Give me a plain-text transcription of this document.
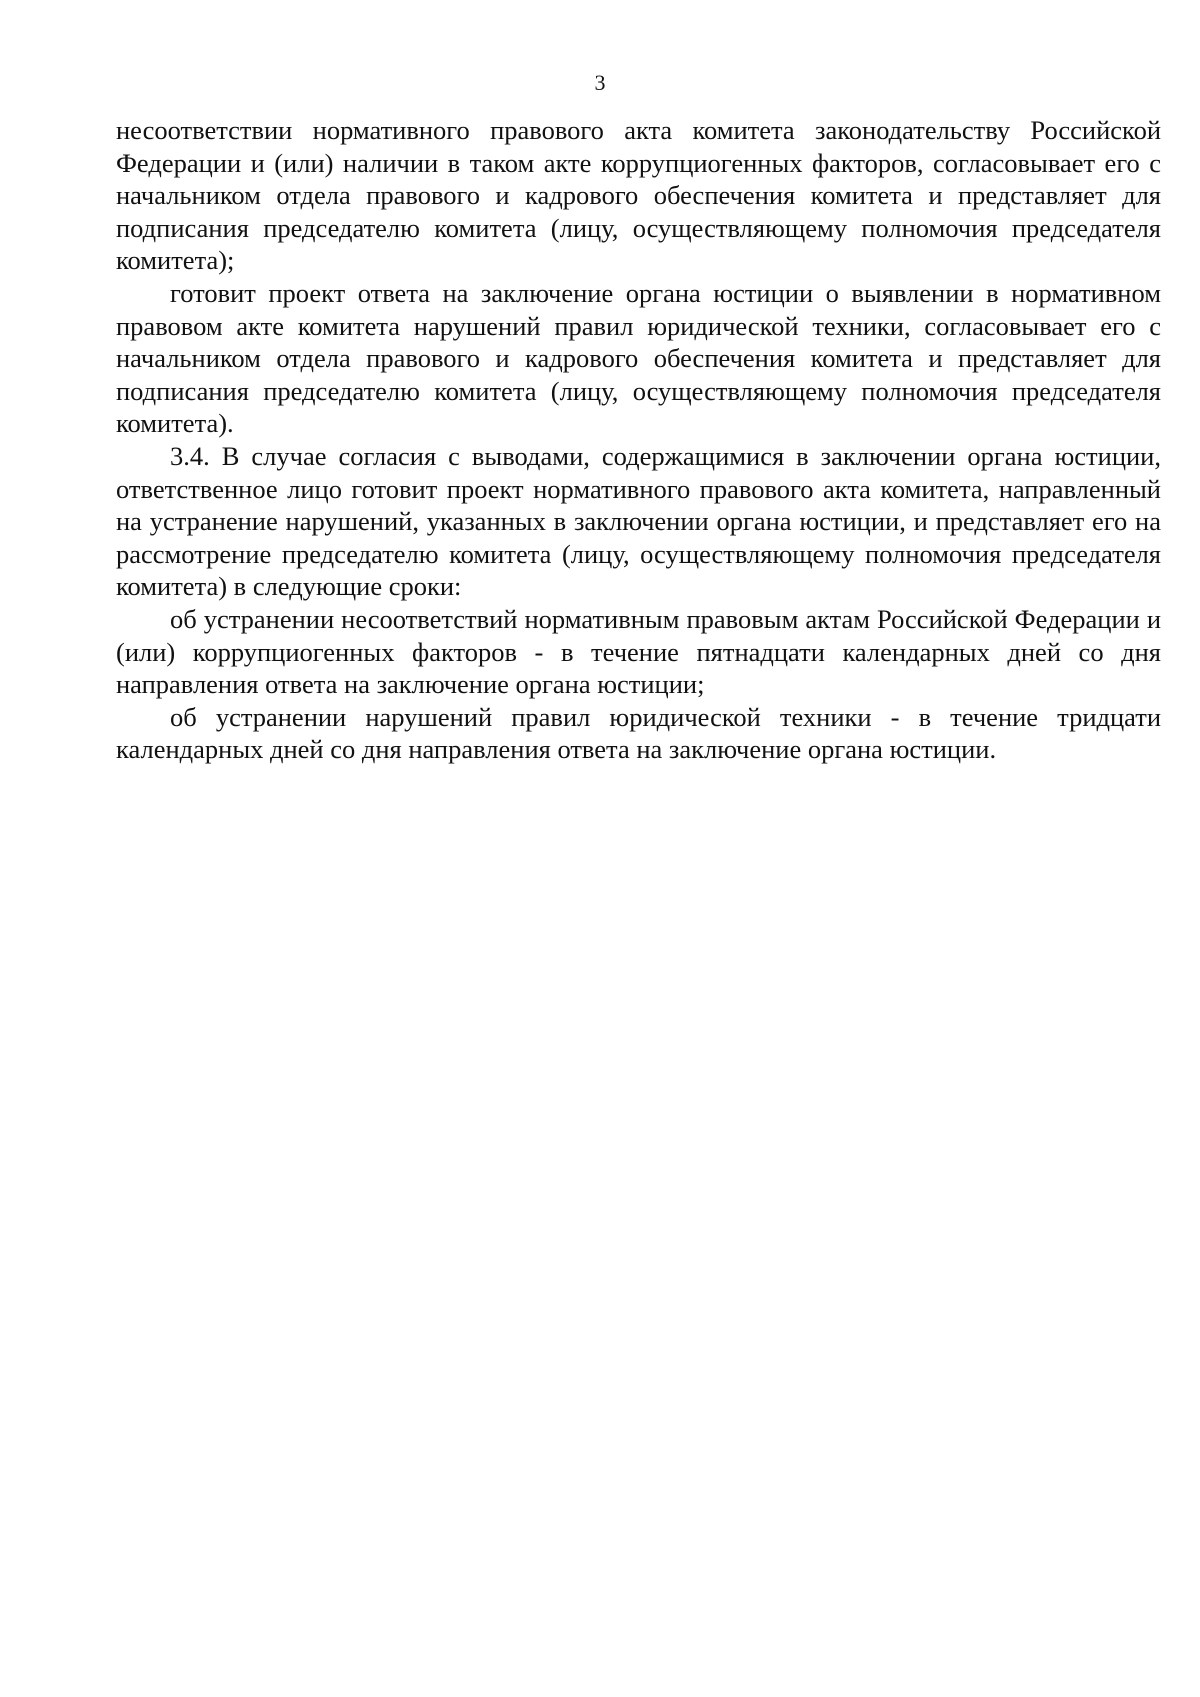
3

несоответствии нормативного правового акта комитета законодательству Российской Федерации и (или) наличии в таком акте коррупциогенных факторов, согласовывает его с начальником отдела правового и кадрового обеспечения комитета и представляет для подписания председателю комитета (лицу, осуществляющему полномочия председателя комитета);

готовит проект ответа на заключение органа юстиции о выявлении в нормативном правовом акте комитета нарушений правил юридической техники, согласовывает его с начальником отдела правового и кадрового обеспечения комитета и представляет для подписания председателю комитета (лицу, осуществляющему полномочия председателя комитета).

3.4. В случае согласия с выводами, содержащимися в заключении органа юстиции, ответственное лицо готовит проект нормативного правового акта комитета, направленный на устранение нарушений, указанных в заключении органа юстиции, и представляет его на рассмотрение председателю комитета (лицу, осуществляющему полномочия председателя комитета) в следующие сроки:

об устранении несоответствий нормативным правовым актам Российской Федерации и (или) коррупциогенных факторов - в течение пятнадцати календарных дней со дня направления ответа на заключение органа юстиции;

об устранении нарушений правил юридической техники - в течение тридцати календарных дней со дня направления ответа на заключение органа юстиции.
